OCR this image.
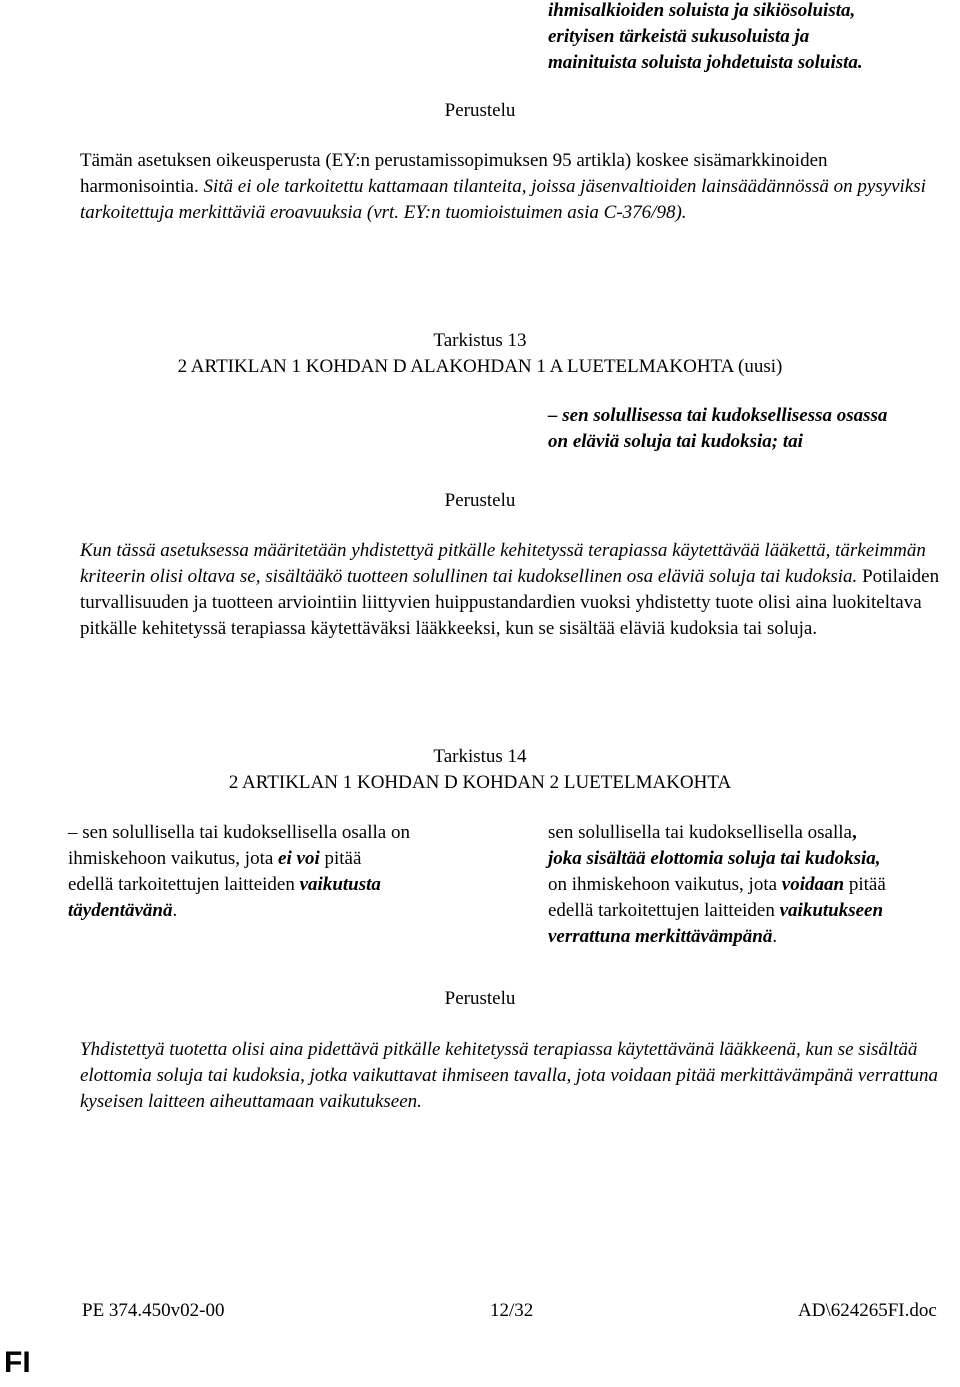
ihmisalkioiden soluista ja sikiösoluista,
erityisen tärkeistä sukusoluista ja
mainituista soluista johdetuista soluista.
Perustelu

Tämän asetuksen oikeusperusta (EY:n perustamissopimuksen 95 artikla) koskee sisämarkkinoiden harmonisointia. Sitä ei ole tarkoitettu kattamaan tilanteita, joissa jäsenvaltioiden lainsäädännössä on pysyviksi tarkoitettuja merkittäviä eroavuuksia (vrt. EY:n tuomioistuimen asia C-376/98).

Tarkistus 13
2 ARTIKLAN 1 KOHDAN D ALAKOHDAN 1 A LUETELMAKOHTA (uusi)
– sen solullisessa tai kudoksellisessa osassa
on eläviä soluja tai kudoksia; tai
Perustelu

Kun tässä asetuksessa määritetään yhdistettyä pitkälle kehitetyssä terapiassa käytettävää lääkettä, tärkeimmän kriteerin olisi oltava se, sisältääkö tuotteen solullinen tai kudoksellinen osa eläviä soluja tai kudoksia. Potilaiden turvallisuuden ja tuotteen arviointiin liittyvien huippustandardien vuoksi yhdistetty tuote olisi aina luokiteltava pitkälle kehitetyssä terapiassa käytettäväksi lääkkeeksi, kun se sisältää eläviä kudoksia tai soluja.

Tarkistus 14
2 ARTIKLAN 1 KOHDAN D KOHDAN 2 LUETELMAKOHTA
– sen solullisella tai kudoksellisella osalla on
ihmiskehoon vaikutus, jota ei voi pitää
edellä tarkoitettujen laitteiden vaikutusta
täydentävänä.
sen solullisella tai kudoksellisella osalla,
joka sisältää elottomia soluja tai kudoksia,
on ihmiskehoon vaikutus, jota voidaan pitää
edellä tarkoitettujen laitteiden vaikutukseen
verrattuna merkittävämpänä.
Perustelu

Yhdistettyä tuotetta olisi aina pidettävä pitkälle kehitetyssä terapiassa käytettävänä lääkkeenä, kun se sisältää elottomia soluja tai kudoksia, jotka vaikuttavat ihmiseen tavalla, jota voidaan pitää merkittävämpänä verrattuna kyseisen laitteen aiheuttamaan vaikutukseen.

PE 374.450v02-00	12/32	AD\624265FI.doc
FI
